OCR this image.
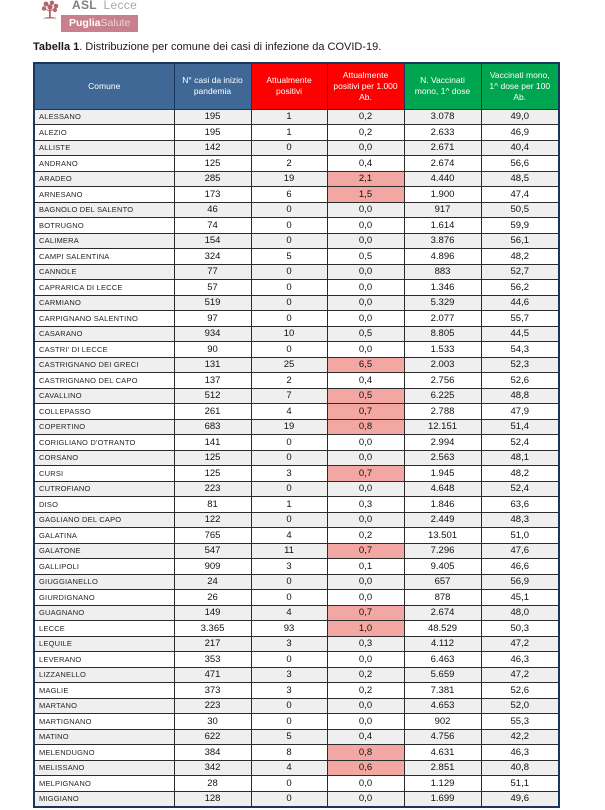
ASL Lecce
PugliaSalute
Tabella 1. Distribuzione per comune dei casi di infezione da COVID-19.
Comune	N° casi da inizio pandemia	Attualmente positivi	Attualmente positivi per 1.000 Ab.	N. Vaccinati mono, 1^ dose	Vaccinati mono, 1^ dose per 100 Ab.
ALESSANO	195	1	0,2	3.078	49,0
ALEZIO	195	1	0,2	2.633	46,9
ALLISTE	142	0	0,0	2.671	40,4
ANDRANO	125	2	0,4	2.674	56,6
ARADEO	285	19	2,1	4.440	48,5
ARNESANO	173	6	1,5	1.900	47,4
BAGNOLO DEL SALENTO	46	0	0,0	917	50,5
BOTRUGNO	74	0	0,0	1.614	59,9
CALIMERA	154	0	0,0	3.876	56,1
CAMPI SALENTINA	324	5	0,5	4.896	48,2
CANNOLE	77	0	0,0	883	52,7
CAPRARICA DI LECCE	57	0	0,0	1.346	56,2
CARMIANO	519	0	0,0	5.329	44,6
CARPIGNANO SALENTINO	97	0	0,0	2.077	55,7
CASARANO	934	10	0,5	8.805	44,5
CASTRI' DI LECCE	90	0	0,0	1.533	54,3
CASTRIGNANO DEI GRECI	131	25	6,5	2.003	52,3
CASTRIGNANO DEL CAPO	137	2	0,4	2.756	52,6
CAVALLINO	512	7	0,5	6.225	48,8
COLLEPASSO	261	4	0,7	2.788	47,9
COPERTINO	683	19	0,8	12.151	51,4
CORIGLIANO D'OTRANTO	141	0	0,0	2.994	52,4
CORSANO	125	0	0,0	2.563	48,1
CURSI	125	3	0,7	1.945	48,2
CUTROFIANO	223	0	0,0	4.648	52,4
DISO	81	1	0,3	1.846	63,6
GAGLIANO DEL CAPO	122	0	0,0	2.449	48,3
GALATINA	765	4	0,2	13.501	51,0
GALATONE	547	11	0,7	7.296	47,6
GALLIPOLI	909	3	0,1	9.405	46,6
GIUGGIANELLO	24	0	0,0	657	56,9
GIURDIGNANO	26	0	0,0	878	45,1
GUAGNANO	149	4	0,7	2.674	48,0
LECCE	3.365	93	1,0	48.529	50,3
LEQUILE	217	3	0,3	4.112	47,2
LEVERANO	353	0	0,0	6.463	46,3
LIZZANELLO	471	3	0,2	5.659	47,2
MAGLIE	373	3	0,2	7.381	52,6
MARTANO	223	0	0,0	4.653	52,0
MARTIGNANO	30	0	0,0	902	55,3
MATINO	622	5	0,4	4.756	42,2
MELENDUGNO	384	8	0,8	4.631	46,3
MELISSANO	342	4	0,6	2.851	40,8
MELPIGNANO	28	0	0,0	1.129	51,1
MIGGIANO	128	0	0,0	1.699	49,6
